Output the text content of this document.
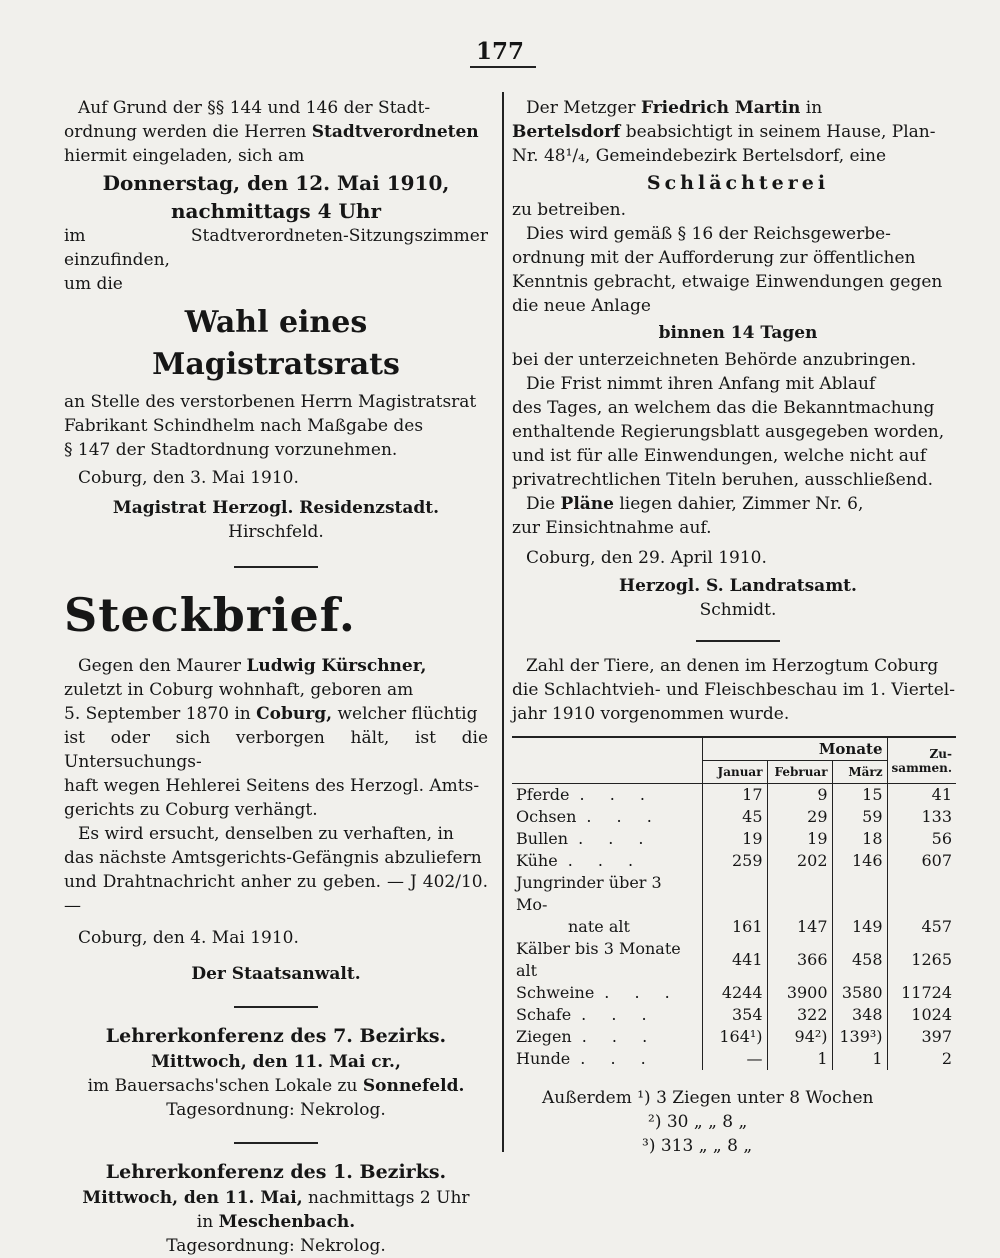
177

Auf Grund der §§ 144 und 146 der Stadt-

ordnung werden die Herren Stadtverordneten

hiermit eingeladen, sich am

Donnerstag, den 12. Mai 1910,

nachmittags 4 Uhr

im Stadtverordneten-Sitzungszimmer einzufinden,

um die

Wahl eines Magistratsrats

an Stelle des verstorbenen Herrn Magistratsrat

Fabrikant Schindhelm nach Maßgabe des

§ 147 der Stadtordnung vorzunehmen.

Coburg, den 3. Mai 1910.

Magistrat Herzogl. Residenzstadt.

Hirschfeld.

Steckbrief.

Gegen den Maurer Ludwig Kürschner,

zuletzt in Coburg wohnhaft, geboren am

5. September 1870 in Coburg, welcher flüchtig

ist oder sich verborgen hält, ist die Untersuchungs-

haft wegen Hehlerei Seitens des Herzogl. Amts-

gerichts zu Coburg verhängt.

Es wird ersucht, denselben zu verhaften, in

das nächste Amtsgerichts-Gefängnis abzuliefern

und Drahtnachricht anher zu geben. — J 402/10. —

Coburg, den 4. Mai 1910.

Der Staatsanwalt.

Lehrerkonferenz des 7. Bezirks.

Mittwoch, den 11. Mai cr.,

im Bauersachs'schen Lokale zu Sonnefeld.

Tagesordnung: Nekrolog.

Lehrerkonferenz des 1. Bezirks.

Mittwoch, den 11. Mai, nachmittags 2 Uhr

in Meschenbach.

Tagesordnung: Nekrolog.

Der Metzger Friedrich Martin in

Bertelsdorf beabsichtigt in seinem Hause, Plan-

Nr. 48¹/₄, Gemeindebezirk Bertelsdorf, eine

Schlächterei

zu betreiben.

Dies wird gemäß § 16 der Reichsgewerbe-

ordnung mit der Aufforderung zur öffentlichen

Kenntnis gebracht, etwaige Einwendungen gegen

die neue Anlage

binnen 14 Tagen

bei der unterzeichneten Behörde anzubringen.

Die Frist nimmt ihren Anfang mit Ablauf

des Tages, an welchem das die Bekanntmachung

enthaltende Regierungsblatt ausgegeben worden,

und ist für alle Einwendungen, welche nicht auf

privatrechtlichen Titeln beruhen, ausschließend.

Die Pläne liegen dahier, Zimmer Nr. 6,

zur Einsichtnahme auf.

Coburg, den 29. April 1910.

Herzogl. S. Landratsamt.

Schmidt.

Zahl der Tiere, an denen im Herzogtum Coburg

die Schlachtvieh- und Fleischbeschau im 1. Viertel-

jahr 1910 vorgenommen wurde.

	Monate			Zu-sammen.
	Januar	Februar	März	
Pferde . . .	17	9	15	41
Ochsen . . .	45	29	59	133
Bullen . . .	19	19	18	56
Kühe . . .	259	202	146	607
Jungrinder über 3 Mo-				
nate alt	161	147	149	457
Kälber bis 3 Monate alt	441	366	458	1265
Schweine . . .	4244	3900	3580	11724
Schafe . . .	354	322	348	1024
Ziegen . . .	164¹)	94²)	139³)	397
Hunde . . .	—	1	1	2

Außerdem ¹) 3 Ziegen unter 8 Wochen

²) 30 „ „ 8 „

³) 313 „ „ 8 „
